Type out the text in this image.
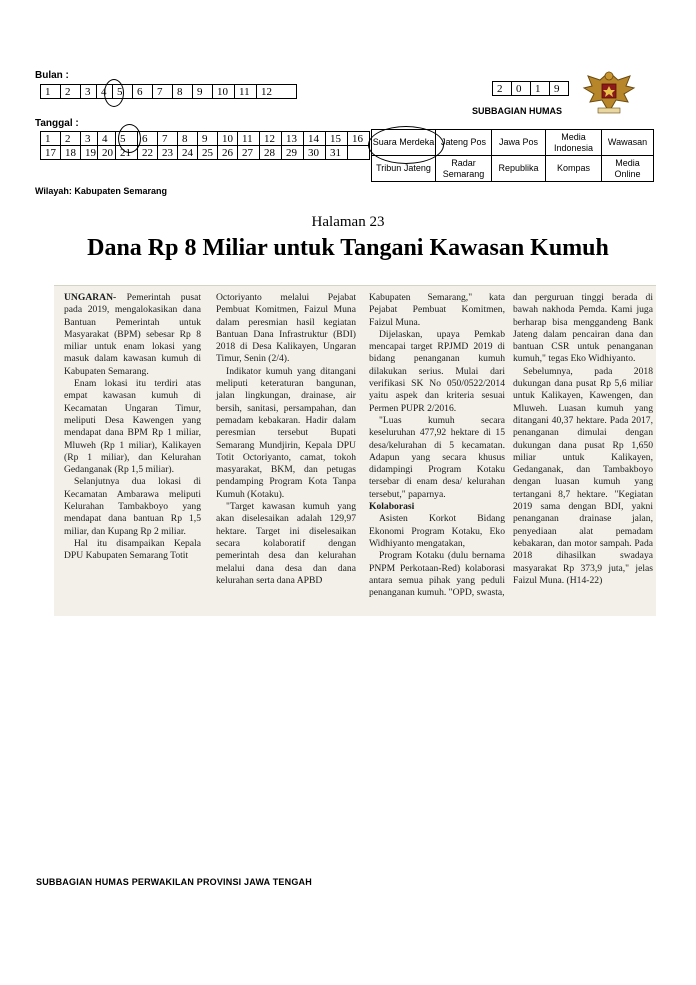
Bulan :
1	2	3	4	5	6	7	8	9	10	11	12
Tanggal :
1	2	3	4	5	6	7	8	9	10	11	12	13	14	15	16
17	18	19	20	21	22	23	24	25	26	27	28	29	30	31	
2	0	1	9
SUBBAGIAN HUMAS
Suara Merdeka	Jateng Pos	Jawa Pos	Media Indonesia	Wawasan
Tribun Jateng	Radar Semarang	Republika	Kompas	Media Online
Wilayah: Kabupaten Semarang
Halaman 23
Dana Rp 8 Miliar untuk Tangani Kawasan Kumuh

UNGARAN- Pemerintah pusat pada 2019, mengalokasikan dana Bantuan Pemerintah untuk Masyarakat (BPM) sebesar Rp 8 miliar untuk enam lokasi yang masuk dalam kawasan kumuh di Kabupaten Semarang.

Enam lokasi itu terdiri atas empat kawasan kumuh di Kecamatan Ungaran Timur, meliputi Desa Kawengen yang mendapat dana BPM Rp 1 miliar, Mluweh (Rp 1 miliar), Kalikayen (Rp 1 miliar), dan Kelurahan Gedanganak (Rp 1,5 miliar).

Selanjutnya dua lokasi di Kecamatan Ambarawa meliputi Kelurahan Tambakboyo yang mendapat dana bantuan Rp 1,5 miliar, dan Kupang Rp 2 miliar.

Hal itu disampaikan Kepala DPU Kabupaten Semarang Totit

Octoriyanto melalui Pejabat Pembuat Komitmen, Faizul Muna dalam peresmian hasil kegiatan Bantuan Dana Infrastruktur (BDI) 2018 di Desa Kalikayen, Ungaran Timur, Senin (2/4).

Indikator kumuh yang ditangani meliputi keteraturan bangunan, jalan lingkungan, drainase, air bersih, sanitasi, persampahan, dan pemadam kebakaran. Hadir dalam peresmian tersebut Bupati Semarang Mundjirin, Kepala DPU Totit Octoriyanto, camat, tokoh masyarakat, BKM, dan petugas pendamping Program Kota Tanpa Kumuh (Kotaku).

"Target kawasan kumuh yang akan diselesaikan adalah 129,97 hektare. Target ini diselesaikan secara kolaboratif dengan pemerintah desa dan kelurahan melalui dana desa dan dana kelurahan serta dana APBD

Kabupaten Semarang," kata Pejabat Pembuat Komitmen, Faizul Muna.

Dijelaskan, upaya Pemkab mencapai target RPJMD 2019 di bidang penanganan kumuh dilakukan serius. Mulai dari verifikasi SK No 050/0522/2014 yaitu aspek dan kriteria sesuai Permen PUPR 2/2016.

"Luas kumuh secara keseluruhan 477,92 hektare di 15 desa/kelurahan di 5 kecamatan. Adapun yang secara khusus didampingi Program Kotaku tersebar di enam desa/ kelurahan tersebut," paparnya.

Kolaborasi

Asisten Korkot Bidang Ekonomi Program Kotaku, Eko Widhiyanto mengatakan,

Program Kotaku (dulu bernama PNPM Perkotaan-Red) kolaborasi antara semua pihak yang peduli penanganan kumuh. "OPD, swasta,

dan perguruan tinggi berada di bawah nakhoda Pemda. Kami juga berharap bisa menggandeng Bank Jateng dalam pencairan dana dan bantuan CSR untuk penanganan kumuh," tegas Eko Widhiyanto.

Sebelumnya, pada 2018 dukungan dana pusat Rp 5,6 miliar untuk Kalikayen, Kawengen, dan Mluweh. Luasan kumuh yang ditangani 40,37 hektare. Pada 2017, penanganan dimulai dengan dukungan dana pusat Rp 1,650 miliar untuk Kalikayen, Gedanganak, dan Tambakboyo dengan luasan kumuh yang tertangani 8,7 hektare. "Kegiatan 2019 sama dengan BDI, yakni penanganan drainase jalan, penyediaan alat pemadam kebakaran, dan motor sampah. Pada 2018 dihasilkan swadaya masyarakat Rp 373,9 juta," jelas Faizul Muna. (H14-22)

SUBBAGIAN HUMAS PERWAKILAN PROVINSI JAWA TENGAH
